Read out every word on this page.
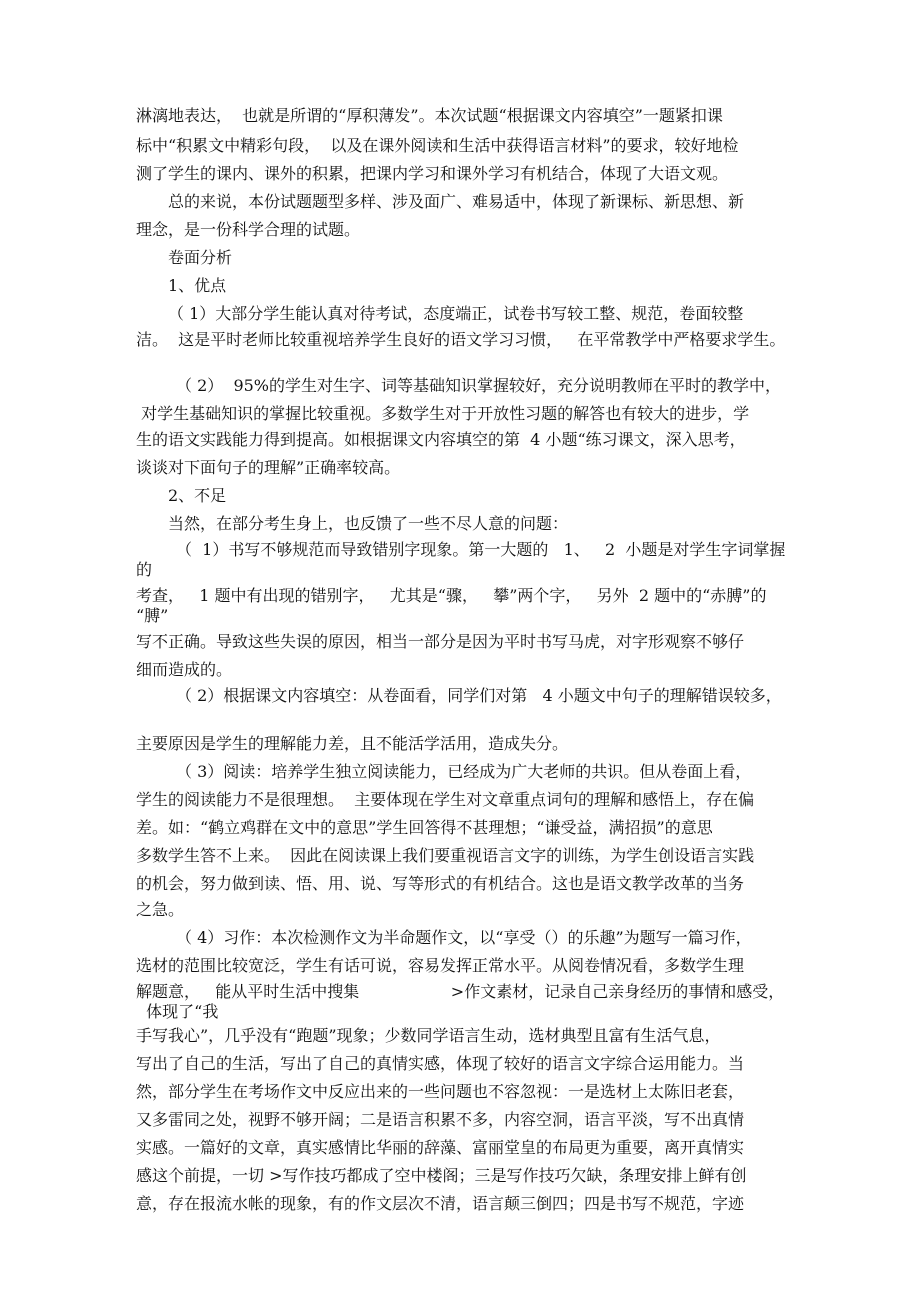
淋漓地表达，  也就是所谓的“厚积薄发”。本次试题“根据课文内容填空”一题紧扣课
标中“积累文中精彩句段，  以及在课外阅读和生活中获得语言材料”的要求，较好地检
测了学生的课内、课外的积累，把课内学习和课外学习有机结合，体现了大语文观。
总的来说，本份试题题型多样、涉及面广、难易适中，体现了新课标、新思想、新
理念，是一份科学合理的试题。
卷面分析
1、优点
（ 1）大部分学生能认真对待考试，态度端正，试卷书写较工整、规范，卷面较整
洁。  这是平时老师比较重视培养学生良好的语文学习习惯，   在平常教学中严格要求学生。
（ 2）  95%的学生对生字、词等基础知识掌握较好，充分说明教师在平时的教学中，
对学生基础知识的掌握比较重视。多数学生对于开放性习题的解答也有较大的进步，学
生的语文实践能力得到提高。如根据课文内容填空的第  4 小题“练习课文，深入思考，
谈谈对下面句子的理解”正确率较高。
2、不足
当然，在部分考生身上，也反馈了一些不尽人意的问题：
（  1）书写不够规范而导致错别字现象。第一大题的   1、   2  小题是对学生字词掌握
的
考查，   1 题中有出现的错别字，   尤其是“骤，   攀”两个字，   另外  2 题中的“赤膊”的
“膊”
写不正确。导致这些失误的原因，相当一部分是因为平时书写马虎，对字形观察不够仔
细而造成的。
（ 2）根据课文内容填空：从卷面看，同学们对第   4 小题文中句子的理解错误较多，
主要原因是学生的理解能力差，且不能活学活用，造成失分。
（ 3）阅读：培养学生独立阅读能力，已经成为广大老师的共识。但从卷面上看，
学生的阅读能力不是很理想。  主要体现在学生对文章重点词句的理解和感悟上，存在偏
差。如：“鹤立鸡群在文中的意思”学生回答得不甚理想；“谦受益，满招损”的意思
多数学生答不上来。  因此在阅读课上我们要重视语言文字的训练，为学生创设语言实践
的机会，努力做到读、悟、用、说、写等形式的有机结合。这也是语文教学改革的当务
之急。
（ 4）习作：本次检测作文为半命题作文，以“享受（）的乐趣”为题写一篇习作，
选材的范围比较宽泛，学生有话可说，容易发挥正常水平。从阅卷情况看，多数学生理
解题意，   能从平时生活中搜集                  >作文素材，记录自己亲身经历的事情和感受，
体现了“我
手写我心”，几乎没有“跑题”现象；少数同学语言生动，选材典型且富有生活气息，
写出了自己的生活，写出了自己的真情实感，体现了较好的语言文字综合运用能力。当
然，部分学生在考场作文中反应出来的一些问题也不容忽视：一是选材上太陈旧老套，
又多雷同之处，视野不够开阔；二是语言积累不多，内容空洞，语言平淡，写不出真情
实感。一篇好的文章，真实感情比华丽的辞藻、富丽堂皇的布局更为重要，离开真情实
感这个前提，一切 >写作技巧都成了空中楼阁；三是写作技巧欠缺，条理安排上鲜有创
意，存在报流水帐的现象，有的作文层次不清，语言颠三倒四；四是书写不规范，字迹
